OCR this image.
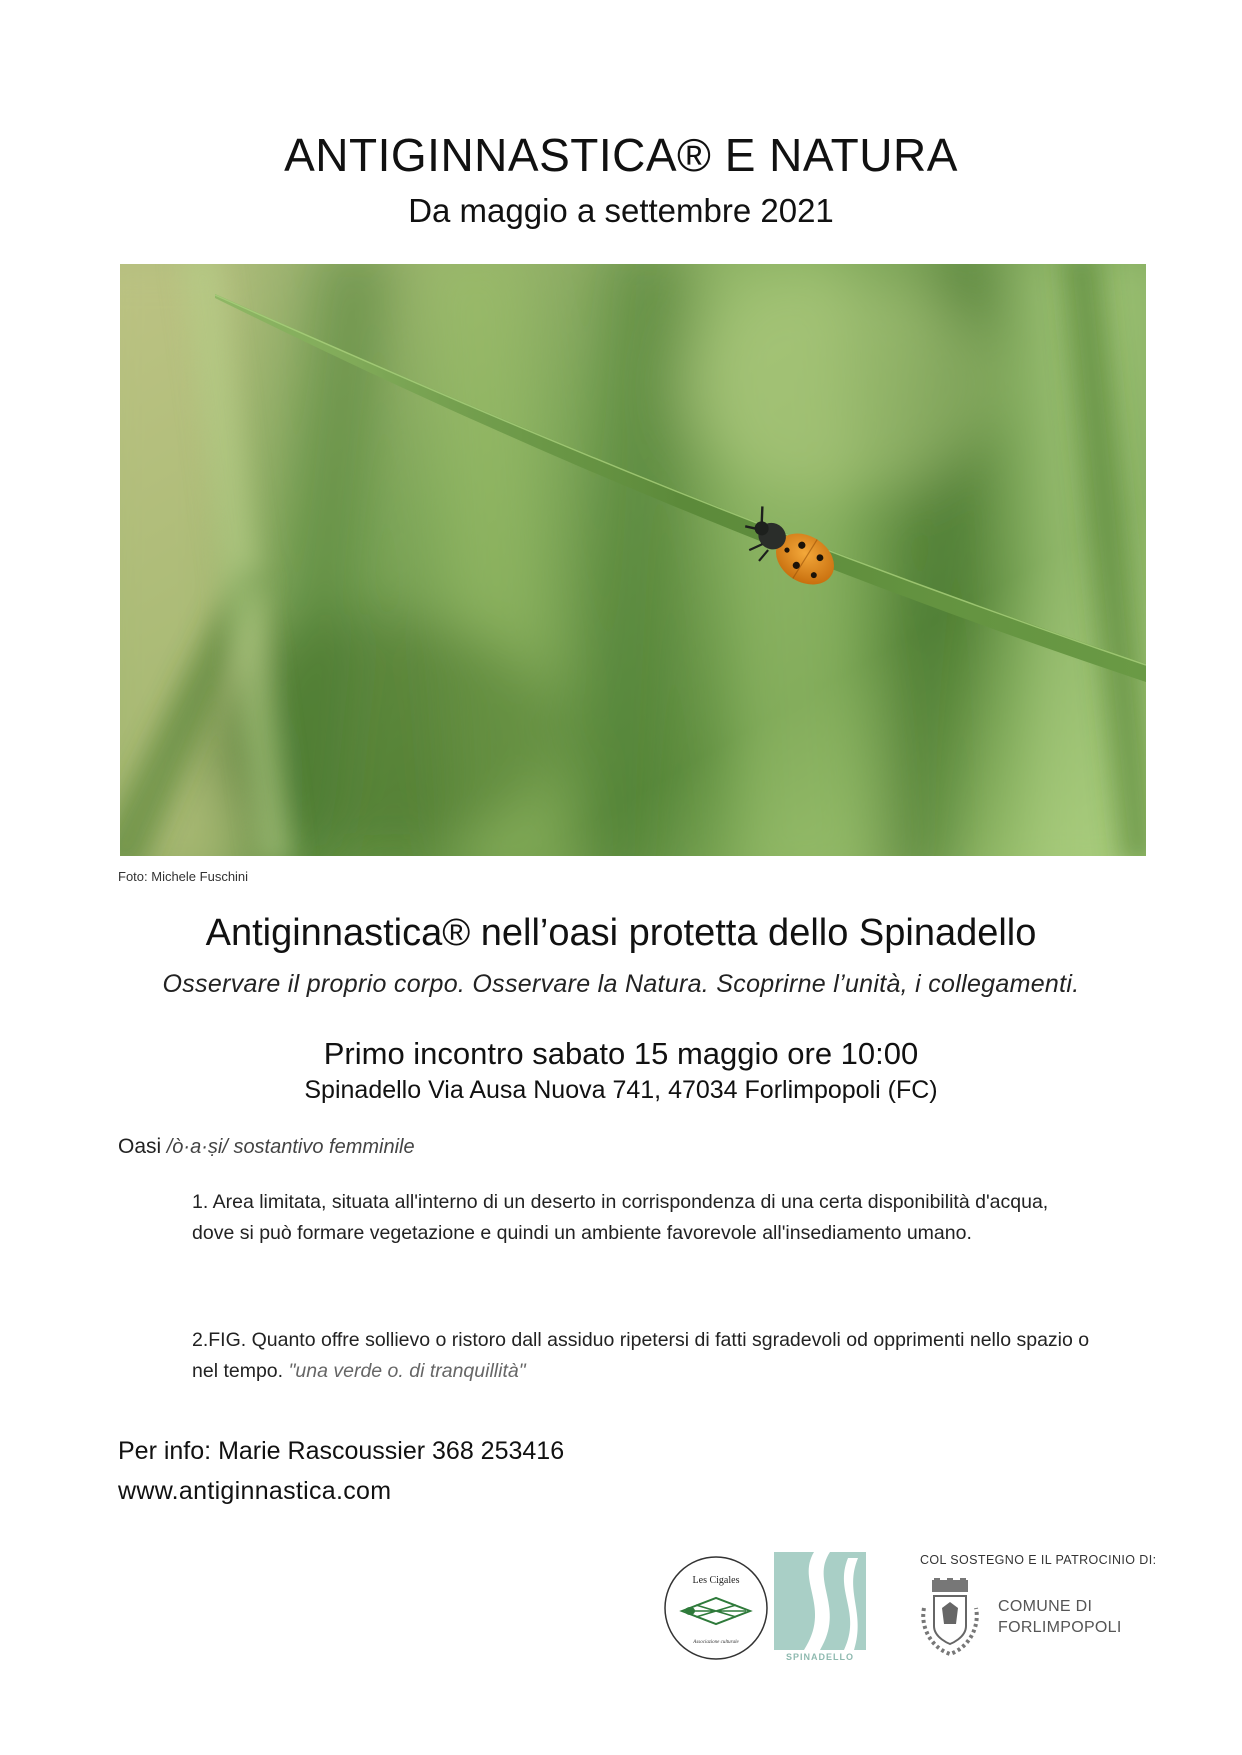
ANTIGINNASTICA® E NATURA
Da maggio a settembre 2021
Foto: Michele Fuschini
Antiginnastica® nell’oasi protetta dello Spinadello
Osservare il proprio corpo. Osservare la Natura. Scoprirne l’unità, i collegamenti.
Primo incontro sabato 15 maggio ore 10:00
Spinadello Via Ausa Nuova 741, 47034 Forlimpopoli (FC)
Oasi /ò·a·ṣi/ sostantivo femminile
1. Area limitata, situata all'interno di un deserto in corrispondenza di una certa disponibilità d'acqua, dove si può formare vegetazione e quindi un ambiente favorevole all'insediamento umano.
2.FIG. Quanto offre sollievo o ristoro dall assiduo ripetersi di fatti sgradevoli od opprimenti nello spazio o nel tempo. "una verde o. di tranquillità"
Per info: Marie Rascoussier 368 253416
www.antiginnastica.com
Les Cigales
Associazione culturale
SPINADELLO
COL SOSTEGNO E IL PATROCINIO DI:
COMUNE DI
FORLIMPOPOLI
